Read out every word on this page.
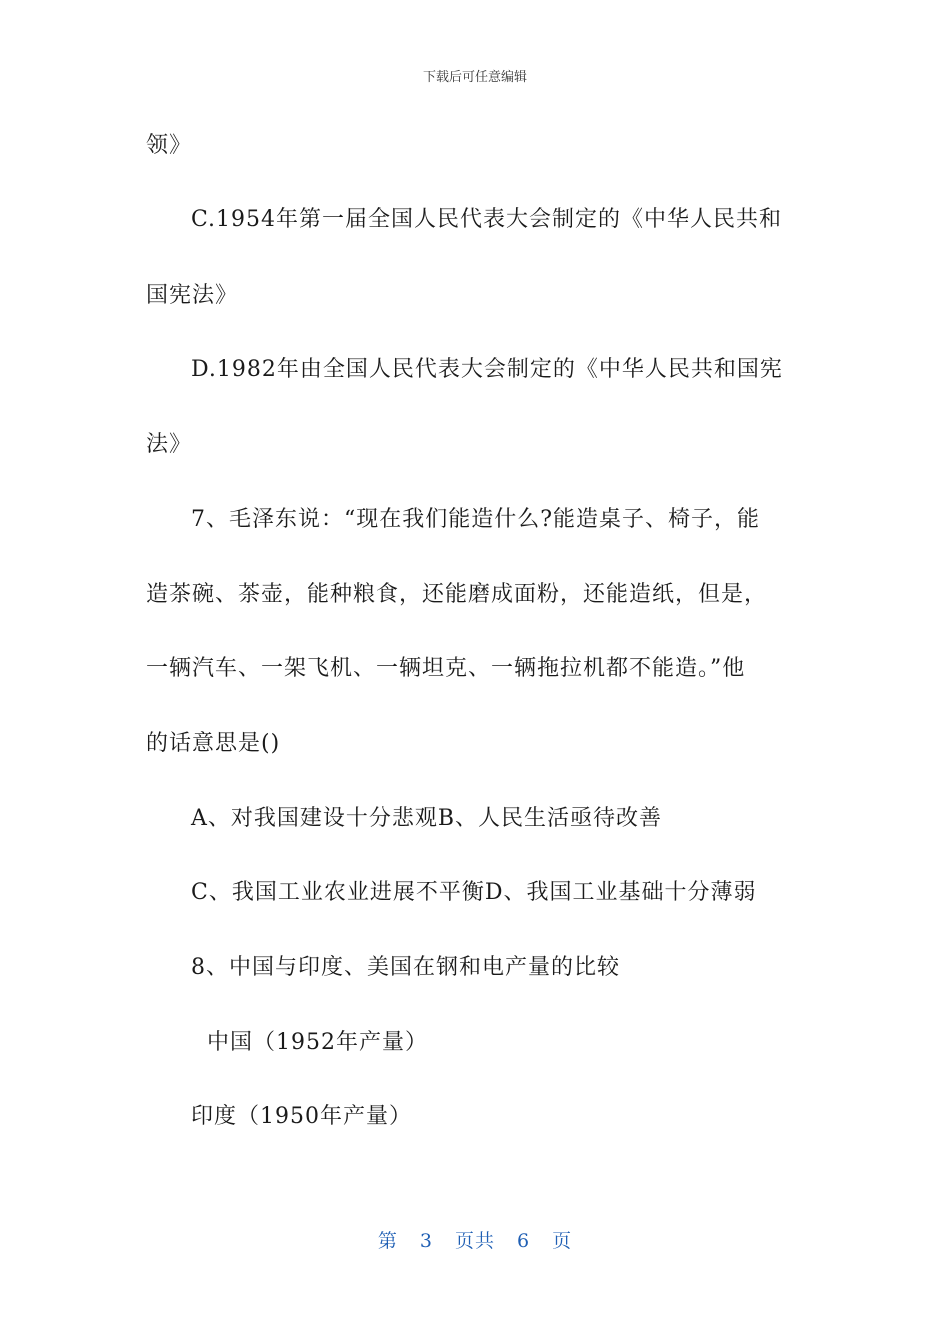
下载后可任意编辑
领》
C.1954年第一届全国人民代表大会制定的《中华人民共和
国宪法》
D.1982年由全国人民代表大会制定的《中华人民共和国宪
法》
7、毛泽东说：“现在我们能造什么?能造桌子、椅子，能
造茶碗、茶壶，能种粮食，还能磨成面粉，还能造纸，但是，
一辆汽车、一架飞机、一辆坦克、一辆拖拉机都不能造。”他
的话意思是()
A、对我国建设十分悲观B、人民生活亟待改善
C、我国工业农业进展不平衡D、我国工业基础十分薄弱
8、中国与印度、美国在钢和电产量的比较
中国（1952年产量）
印度（1950年产量）
第 3 页共 6 页
